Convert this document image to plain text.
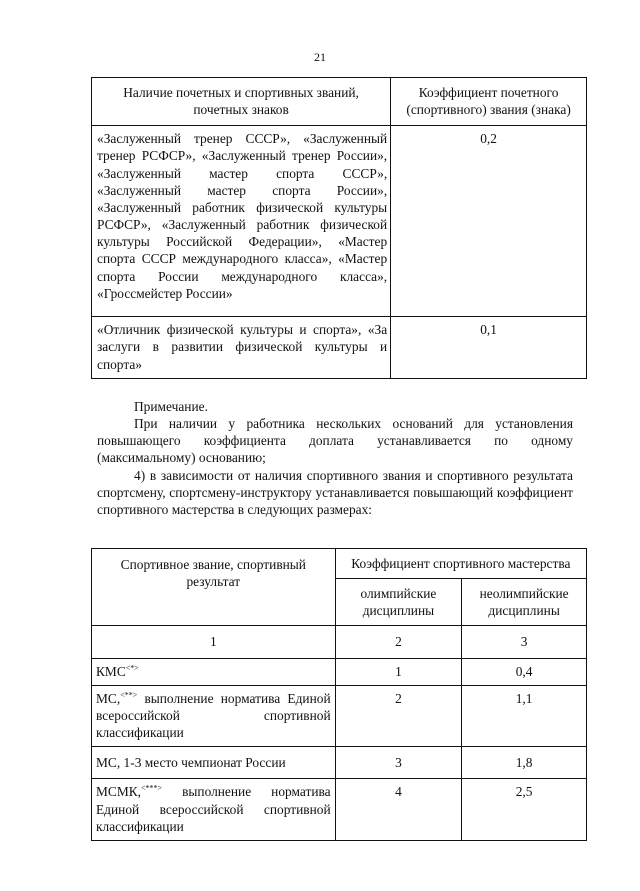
21
Наличие почетных и спортивных званий, почетных знаков	Коэффициент почетного (спортивного) звания (знака)
«Заслуженный тренер СССР», «Заслуженный тренер РСФСР», «Заслуженный тренер России», «Заслуженный мастер спорта СССР», «Заслуженный мастер спорта России», «Заслуженный работник физической культуры РСФСР», «Заслуженный работник физической культуры Российской Федерации», «Мастер спорта СССР международного класса», «Мастер спорта России международного класса», «Гроссмейстер России»	0,2
«Отличник физической культуры и спорта», «За заслуги в развитии физической культуры и спорта»	0,1

Примечание.

При наличии у работника нескольких оснований для установления повышающего коэффициента доплата устанавливается по одному (максимальному) основанию;

4) в зависимости от наличия спортивного звания и спортивного результата спортсмену, спортсмену-инструктору устанавливается повышающий коэффициент спортивного мастерства в следующих размерах:

Спортивное звание, спортивный результат	Коэффициент спортивного мастерства	
	олимпийские дисциплины	неолимпийские дисциплины
1	2	3
КМС<*>	1	0,4
МС,<**> выполнение норматива Единой всероссийской спортивной классификации	2	1,1
МС, 1-3 место чемпионат России	3	1,8
МСМК,<***> выполнение норматива Единой всероссийской спортивной классификации	4	2,5
